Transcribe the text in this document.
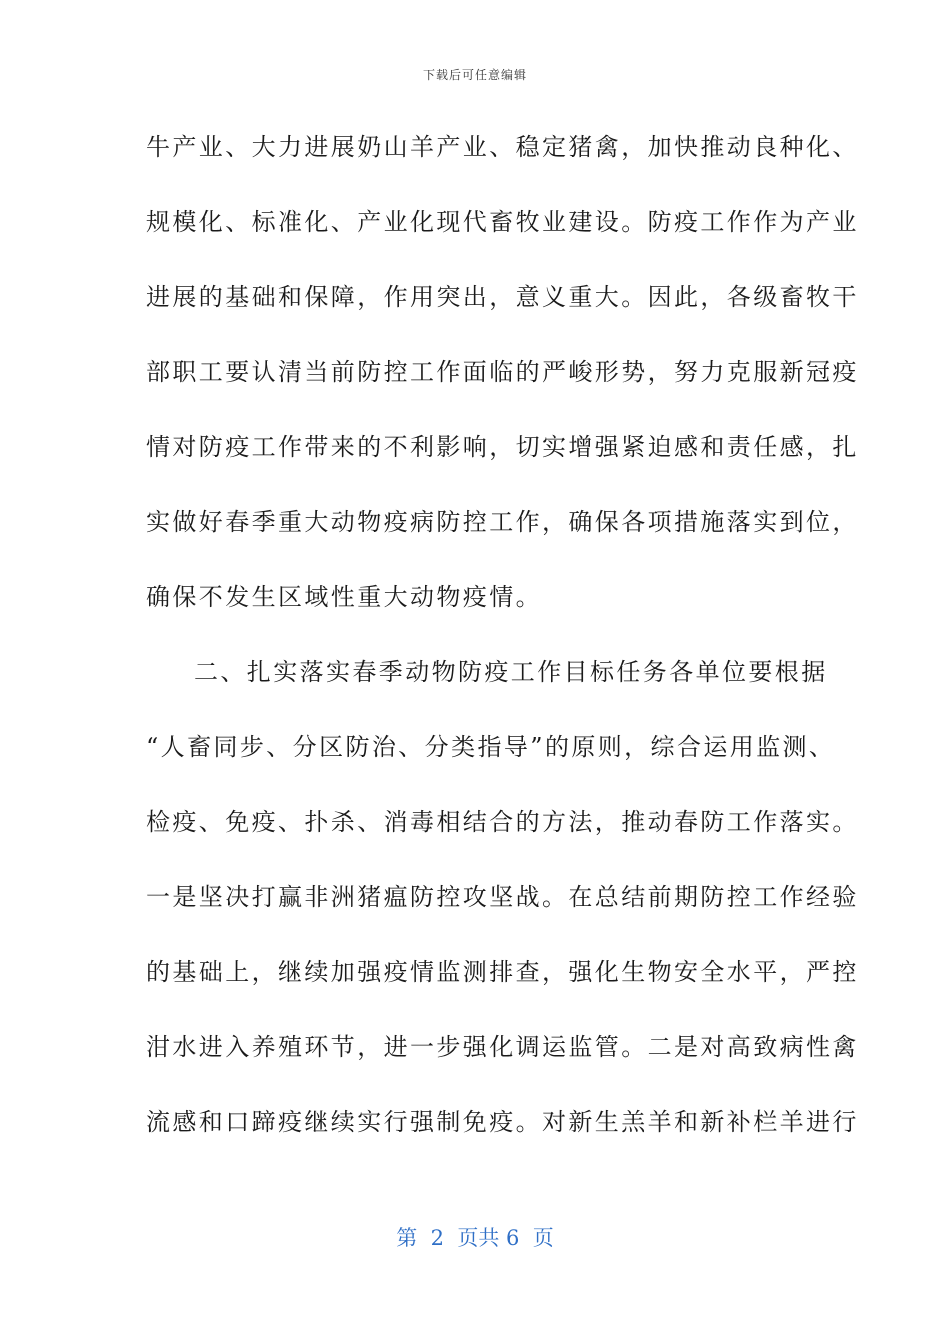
下载后可任意编辑
牛产业、大力进展奶山羊产业、稳定猪禽，加快推动良种化、
规模化、标准化、产业化现代畜牧业建设。防疫工作作为产业
进展的基础和保障，作用突出，意义重大。因此，各级畜牧干
部职工要认清当前防控工作面临的严峻形势，努力克服新冠疫
情对防疫工作带来的不利影响，切实增强紧迫感和责任感，扎
实做好春季重大动物疫病防控工作，确保各项措施落实到位，
确保不发生区域性重大动物疫情。
二、扎实落实春季动物防疫工作目标任务各单位要根据
“人畜同步、分区防治、分类指导”的原则，综合运用监测、
检疫、免疫、扑杀、消毒相结合的方法，推动春防工作落实。
一是坚决打赢非洲猪瘟防控攻坚战。在总结前期防控工作经验
的基础上，继续加强疫情监测排查，强化生物安全水平，严控
泔水进入养殖环节，进一步强化调运监管。二是对高致病性禽
流感和口蹄疫继续实行强制免疫。对新生羔羊和新补栏羊进行
第  2  页共 6  页
